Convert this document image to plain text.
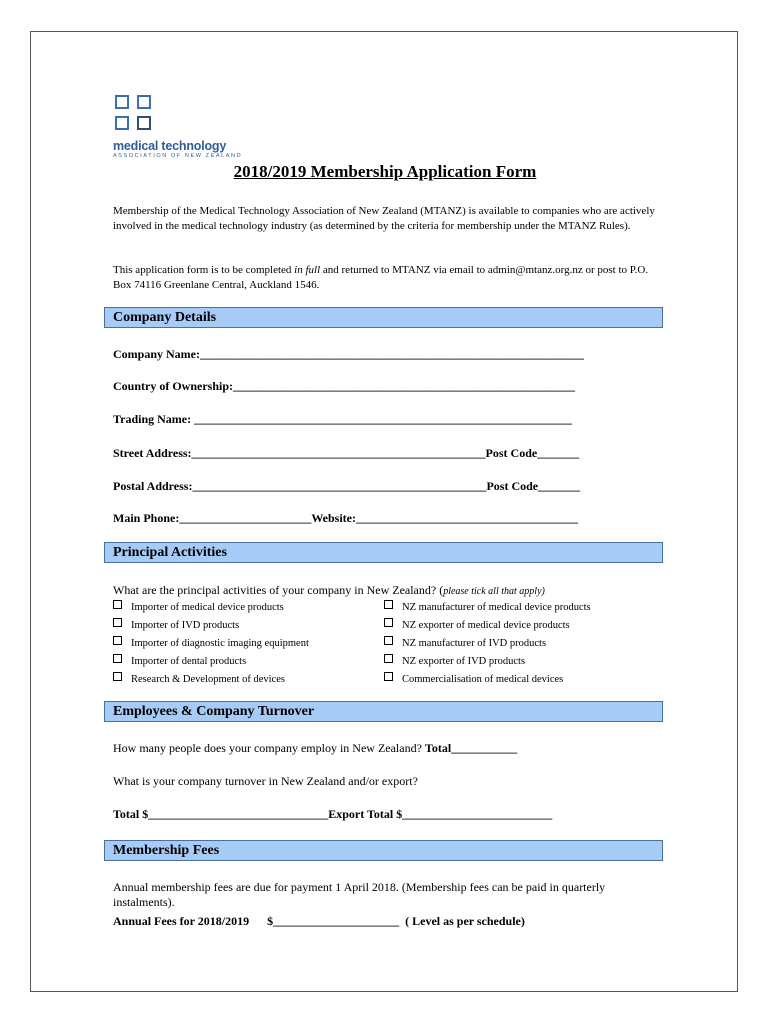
medical technology
ASSOCIATION OF NEW ZEALAND
2018/2019 Membership Application Form
Membership of the Medical Technology Association of New Zealand (MTANZ) is available to companies who are actively involved in the medical technology industry (as determined by the criteria for membership under the MTANZ Rules).
This application form is to be completed in full and returned to MTANZ via email to admin@mtanz.org.nz or post to P.O. Box 74116 Greenlane Central, Auckland 1546.
Company Details
Company Name:________________________________________________________________
Country of Ownership:_________________________________________________________
Trading Name: _______________________________________________________________
Street Address:_________________________________________________Post Code_______
Postal Address:_________________________________________________Post Code_______
Main Phone:______________________Website:_____________________________________
Principal Activities
What are the principal activities of your company in New Zealand? (please tick all that apply)
Importer of medical device products
Importer of IVD products
Importer of diagnostic imaging equipment
Importer of dental products
Research & Development of devices
NZ manufacturer of medical device products
NZ exporter of medical device products
NZ manufacturer of IVD products
NZ exporter of IVD products
Commercialisation of medical devices
Employees & Company Turnover
How many people does your company employ in New Zealand? Total___________
What is your company turnover in New Zealand and/or export?
Total $______________________________Export Total $_________________________
Membership Fees
Annual membership fees are due for payment 1 April 2018. (Membership fees can be paid in quarterly instalments).
Annual Fees for 2018/2019      $_____________________  ( Level as per schedule)
